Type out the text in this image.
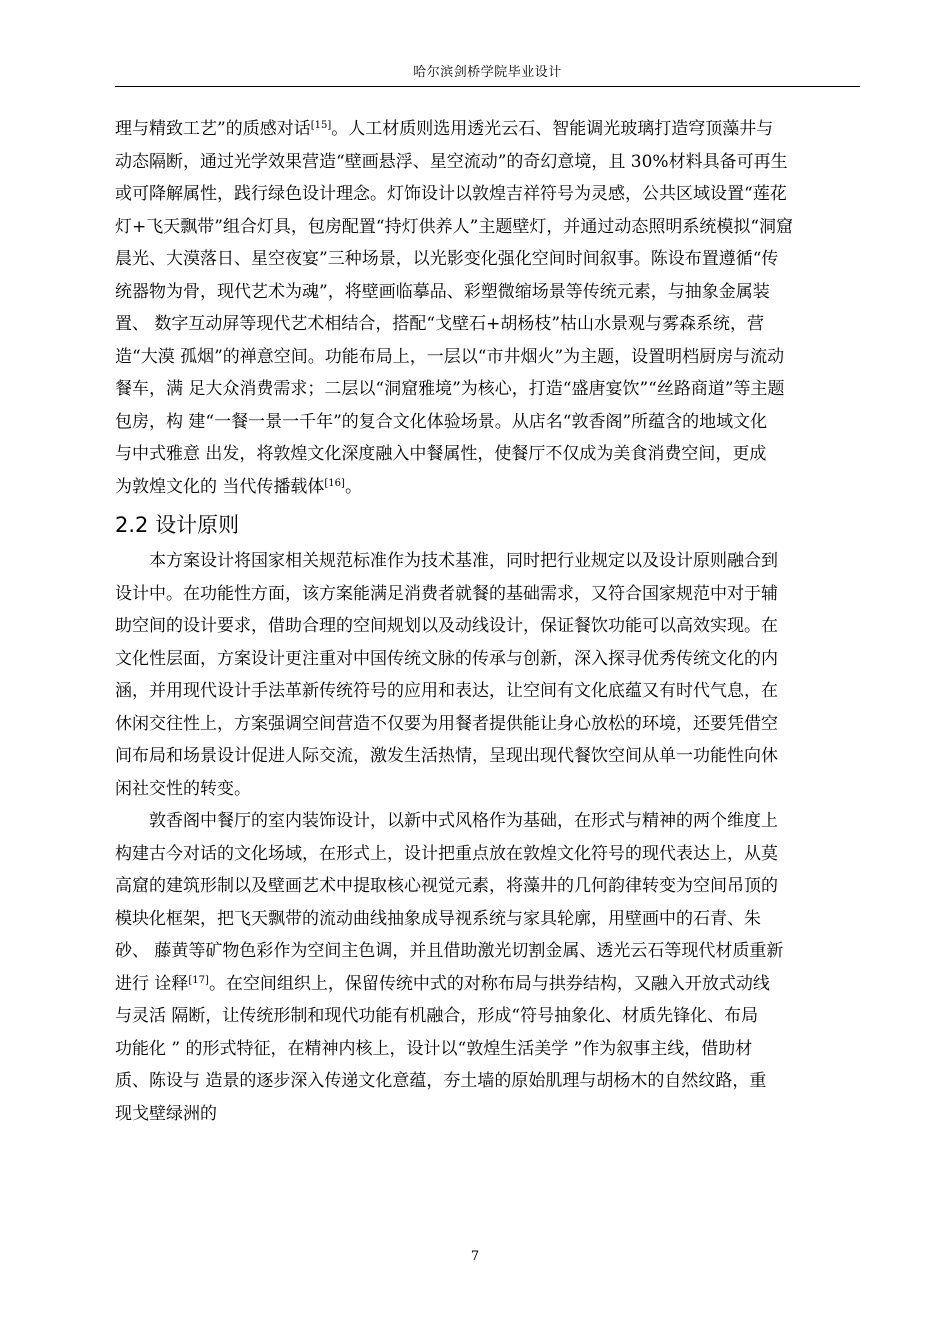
哈尔滨剑桥学院毕业设计
理与精致工艺”的质感对话[15]。人工材质则选用透光云石、智能调光玻璃打造穹顶藻井与
动态隔断，通过光学效果营造“壁画悬浮、星空流动”的奇幻意境，且 30%材料具备可再生
或可降解属性，践行绿色设计理念。灯饰设计以敦煌吉祥符号为灵感，公共区域设置“莲花
灯+飞天飘带”组合灯具，包房配置“持灯供养人”主题壁灯，并通过动态照明系统模拟“洞窟
晨光、大漠落日、星空夜宴”三种场景，以光影变化强化空间时间叙事。陈设布置遵循“传
统器物为骨，现代艺术为魂”，将壁画临摹品、彩塑微缩场景等传统元素，与抽象金属装
置、 数字互动屏等现代艺术相结合，搭配“戈壁石+胡杨枝”枯山水景观与雾森系统，营
造“大漠 孤烟”的禅意空间。功能布局上，一层以“市井烟火”为主题，设置明档厨房与流动
餐车，满 足大众消费需求；二层以“洞窟雅境”为核心，打造“盛唐宴饮”“丝路商道”等主题
包房，构 建“一餐一景一千年”的复合文化体验场景。从店名“敦香阁”所蕴含的地域文化
与中式雅意 出发，将敦煌文化深度融入中餐属性，使餐厅不仅成为美食消费空间，更成
为敦煌文化的 当代传播载体[16]。
2.2 设计原则
本方案设计将国家相关规范标准作为技术基准，同时把行业规定以及设计原则融合到
设计中。在功能性方面，该方案能满足消费者就餐的基础需求，又符合国家规范中对于辅
助空间的设计要求，借助合理的空间规划以及动线设计，保证餐饮功能可以高效实现。在
文化性层面，方案设计更注重对中国传统文脉的传承与创新，深入探寻优秀传统文化的内
涵，并用现代设计手法革新传统符号的应用和表达，让空间有文化底蕴又有时代气息，在
休闲交往性上，方案强调空间营造不仅要为用餐者提供能让身心放松的环境，还要凭借空
间布局和场景设计促进人际交流，激发生活热情，呈现出现代餐饮空间从单一功能性向休
闲社交性的转变。
敦香阁中餐厅的室内装饰设计，以新中式风格作为基础，在形式与精神的两个维度上
构建古今对话的文化场域，在形式上，设计把重点放在敦煌文化符号的现代表达上，从莫
高窟的建筑形制以及壁画艺术中提取核心视觉元素，将藻井的几何韵律转变为空间吊顶的
模块化框架，把飞天飘带的流动曲线抽象成导视系统与家具轮廓，用壁画中的石青、朱
砂、 藤黄等矿物色彩作为空间主色调，并且借助激光切割金属、透光云石等现代材质重新
进行 诠释[17]。在空间组织上，保留传统中式的对称布局与拱券结构，又融入开放式动线
与灵活 隔断，让传统形制和现代功能有机融合，形成“符号抽象化、材质先锋化、布局
功能化 ” 的形式特征，在精神内核上，设计以“敦煌生活美学 ”作为叙事主线，借助材
质、陈设与 造景的逐步深入传递文化意蕴，夯土墙的原始肌理与胡杨木的自然纹路，重
现戈壁绿洲的
7
